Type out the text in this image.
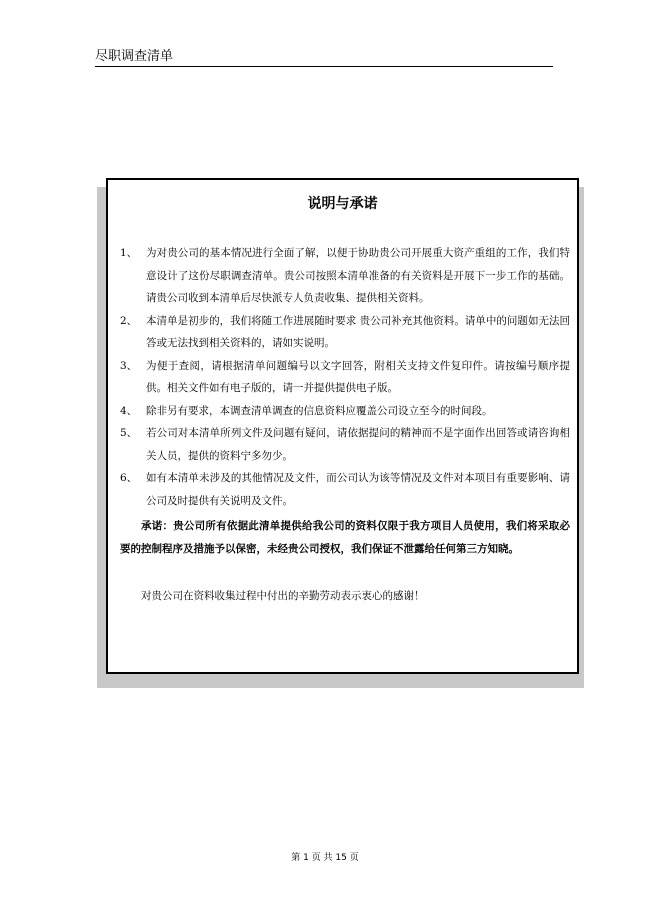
尽职调查清单
说明与承诺
1、 为对贵公司的基本情况进行全面了解，以便于协助贵公司开展重大资产重组的工作，我们特意设计了这份尽职调查清单。贵公司按照本清单准备的有关资料是开展下一步工作的基础。请贵公司收到本清单后尽快派专人负责收集、提供相关资料。
2、 本清单是初步的，我们将随工作进展随时要求 贵公司补充其他资料。请单中的问题如无法回答或无法找到相关资料的，请如实说明。
3、 为便于查阅，请根据清单问题编号以文字回答，附相关支持文件复印件。请按编号顺序提供。相关文件如有电子版的，请一并提供提供电子版。
4、 除非另有要求，本调查清单调查的信息资料应覆盖公司设立至今的时间段。
5、 若公司对本清单所列文件及问题有疑问，请依据提问的精神而不是字面作出回答或请咨询相关人员，提供的资料宁多勿少。
6、 如有本清单未涉及的其他情况及文件，而公司认为该等情况及文件对本项目有重要影响、请公司及时提供有关说明及文件。

承诺：贵公司所有依据此清单提供给我公司的资料仅限于我方项目人员使用，我们将采取必要的控制程序及措施予以保密，未经贵公司授权，我们保证不泄露给任何第三方知晓。

对贵公司在资料收集过程中付出的辛勤劳动表示衷心的感谢！

第 1 页 共 15 页
